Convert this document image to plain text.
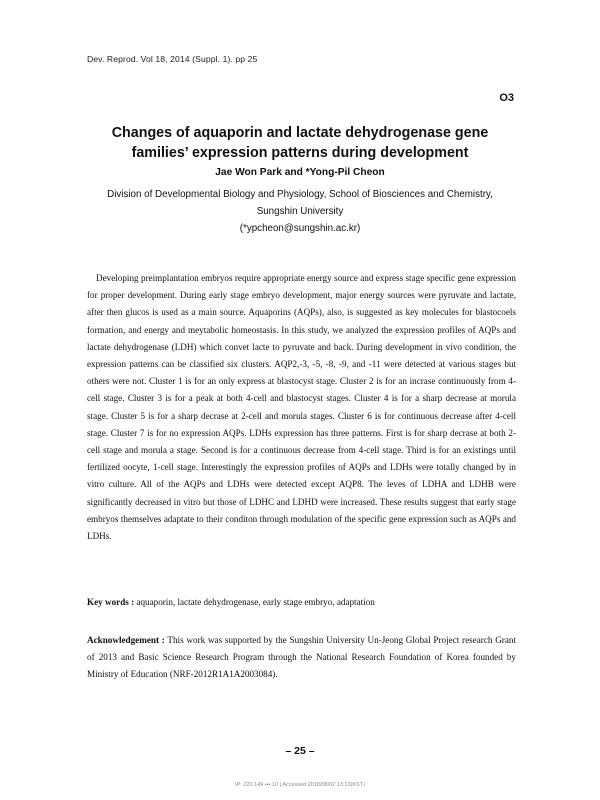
Dev. Reprod. Vol 18, 2014 (Suppl. 1). pp 25
O3
Changes of aquaporin and lactate dehydrogenase gene
families’ expression patterns during development
Jae Won Park and *Yong-Pil Cheon
Division of Developmental Biology and Physiology, School of Biosciences and Chemistry,
Sungshin University
(*ypcheon@sungshin.ac.kr)

Developing preimplantation embryos require appropriate energy source and express stage specific gene expression for proper development. During early stage embryo development, major energy sources were pyruvate and lactate, after then glucos is used as a main source. Aquaporins (AQPs), also, is suggested as key molecules for blastocoels formation, and energy and meytabolic homeostasis. In this study, we analyzed the expression profiles of AQPs and lactate dehydrogenase (LDH) which convet lacte to pyruvate and back. During development in vivo condition, the expression patterns can be classified six clusters. AQP2,-3, -5, -8, -9, and -11 were detected at various stages but others were not. Cluster 1 is for an only express at blastocyst stage. Cluster 2 is for an incrase continuously from 4-cell stage. Cluster 3 is for a peak at both 4-cell and blastocyst stages. Cluster 4 is for a sharp decrease at morula stage. Cluster 5 is for a sharp decrase at 2-cell and morula stages. Cluster 6 is for continuous decrease after 4-cell stage. Cluster 7 is for no expression AQPs. LDHs expression has three patterns. First is for sharp decrase at both 2-cell stage and morula a stage. Second is for a continuous decrease from 4-cell stage. Third is for an existings until fertilized oocyte, 1-cell stage. Interestingly the expression profiles of AQPs and LDHs were totally changed by in vitro culture. All of the AQPs and LDHs were detected except AQP8. The leves of LDHA and LDHB were significantly decreased in vitro but those of LDHC and LDHD were increased. These results suggest that early stage embryos themselves adaptate to their conditon through modulation of the specific gene expression such as AQPs and LDHs.

Key words : aquaporin, lactate dehydrogenase, early stage embryo, adaptation

Acknowledgement : This work was supported by the Sungshin University Un-Jeong Global Project research Grant of 2013 and Basic Science Research Program through the National Research Foundation of Korea founded by Ministry of Education (NRF-2012R1A1A2003084).

– 25 –
IP: 220.149.•••.10 | Accessed 2018/08/02 13:13(KST)
